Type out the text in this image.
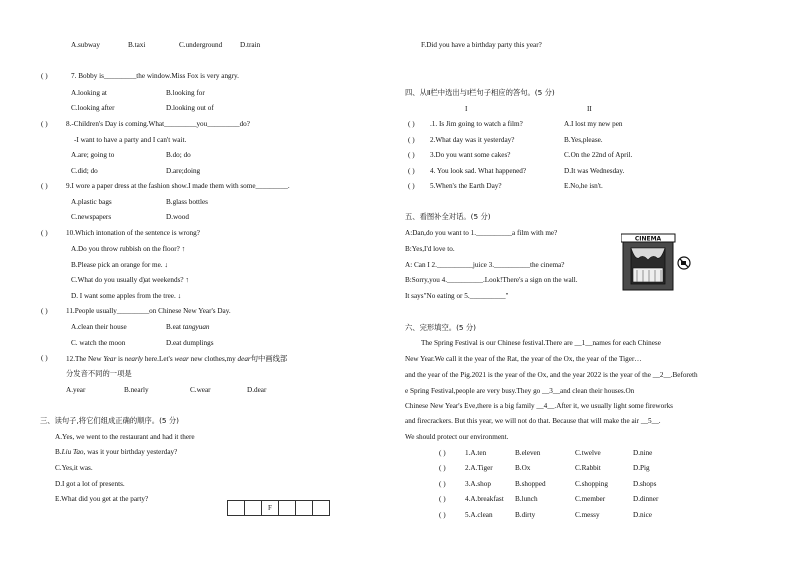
A.subway	B.taxi	C.underground D.train
( )	7. Bobby is_________the window.Miss Fox is very angry.
A.looking at	B.looking for
C.looking after	D.looking out of
( )	8.-Children's Day is coming.What_________you_________do?
-I want to have a party and I can't wait.
A.are; going to	B.do; do
C.did; do	D.are;doing
( )	9.I wore a paper dress at the fashion show.I made them with some_________.
A.plastic bags	B.glass bottles
C.newspapers	D.wood
( )	10.Which intonation of the sentence is wrong?
A.Do you throw rubbish on the floor? ↑
B.Please pick an orange for me. ↓
C.What do you usually d)at weekends? ↑
D. I want some apples from the tree. ↓
( )	11.People usually_________on Chinese New Year's Day.
A.clean their house	B.eat tangyuan
C. watch the moon	D.eat dumplings
( )	12.The New Year is nearly here.Let's wear new clothes,my dear句中画线部
分发音不同的一项是
A.year	B.nearly	C.wear	D.dear
三、读句子,将它们组成正确的顺序。(5 分)
A.Yes, we went to the restaurant and had it there
B.Liu Tao, was it your birthday yesterday?
C.Yes,it was.
D.I got a lot of presents.
E.What did you get at the party?
		F			
F.Did you have a birthday party this year?
四、从Ⅱ栏中选出与Ⅰ栏句子相应的答句。(5 分)
I	II
( ) .1. Is Jim going to watch a film?	A.I lost my new pen
( ) 2.What day was it yesterday?	B.Yes,please.
( ) 3.Do you want some cakes?	C.On the 22nd of April.
( ) 4. You look sad. What happened?	D.It was Wednesday.
( ) 5.When's the Earth Day?	E.No,he isn't.
五、看图补全对话。(5 分)
A:Dan,do you want to 1.__________a film with me?
B:Yes,I'd love to.
A: Can I 2.__________juice 3.__________the cinema?
B:Sorry,you 4.__________.Look!There's a sign on the wall.
It says"No eating or 5.__________"
六、完形填空。(5 分)
The Spring Festival is our Chinese festival.There are __1__names for each Chinese
New Year.We call it the year of the Rat, the year of the Ox, the year of the Tiger…
and the year of the Pig.2021 is the year of the Ox, and the year 2022 is the year of the __2__.Beforeth
e Spring Festival,people are very busy.They go __3__and clean their houses.On
Chinese New Year's Eve,there is a big family __4__.After it, we usually light some fireworks
and firecrackers. But this year, we will not do that. Because that will make the air __5__.
We should protect our environment.
( )	1.A.ten	B.eleven	C.twelve	D.nine
( )	2.A.Tiger	B.Ox	C.Rabbit	D.Pig
( )	3.A.shop	B.shopped	C.shopping	D.shops
( )	4.A.breakfast B.lunch	C.member	D.dinner
( )	5.A.clean	B.dirty	C.messy	D.nice
CINEMA
